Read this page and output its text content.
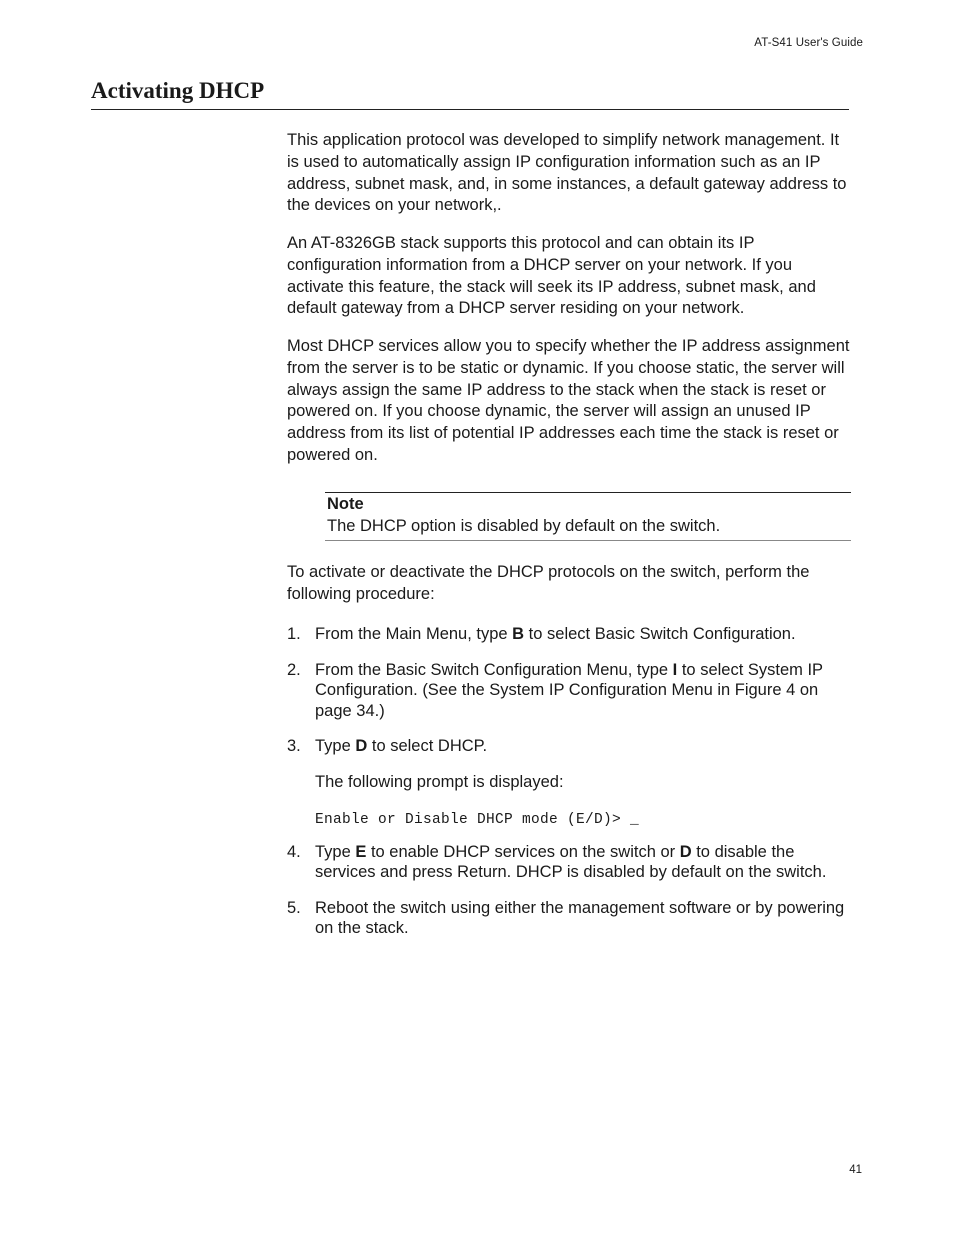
AT-S41 User's Guide
Activating DHCP

This application protocol was developed to simplify network management. It is used to automatically assign IP configuration information such as an IP address, subnet mask, and, in some instances, a default gateway address to the devices on your network,.

An AT-8326GB stack supports this protocol and can obtain its IP configuration information from a DHCP server on your network. If you activate this feature, the stack will seek its IP address, subnet mask, and default gateway from a DHCP server residing on your network.

Most DHCP services allow you to specify whether the IP address assignment from the server is to be static or dynamic. If you choose static, the server will always assign the same IP address to the stack when the stack is reset or powered on. If you choose dynamic, the server will assign an unused IP address from its list of potential IP addresses each time the stack is reset or powered on.

Note
The DHCP option is disabled by default on the switch.

To activate or deactivate the DHCP protocols on the switch, perform the following procedure:

1. From the Main Menu, type B to select Basic Switch Configuration.
2. From the Basic Switch Configuration Menu, type I to select System IP Configuration. (See the System IP Configuration Menu in Figure 4 on page 34.)
3. Type D to select DHCP.
The following prompt is displayed:
Enable or Disable DHCP mode (E/D)> _
4. Type E to enable DHCP services on the switch or D to disable the services and press Return. DHCP is disabled by default on the switch.
5. Reboot the switch using either the management software or by powering on the stack.
41
